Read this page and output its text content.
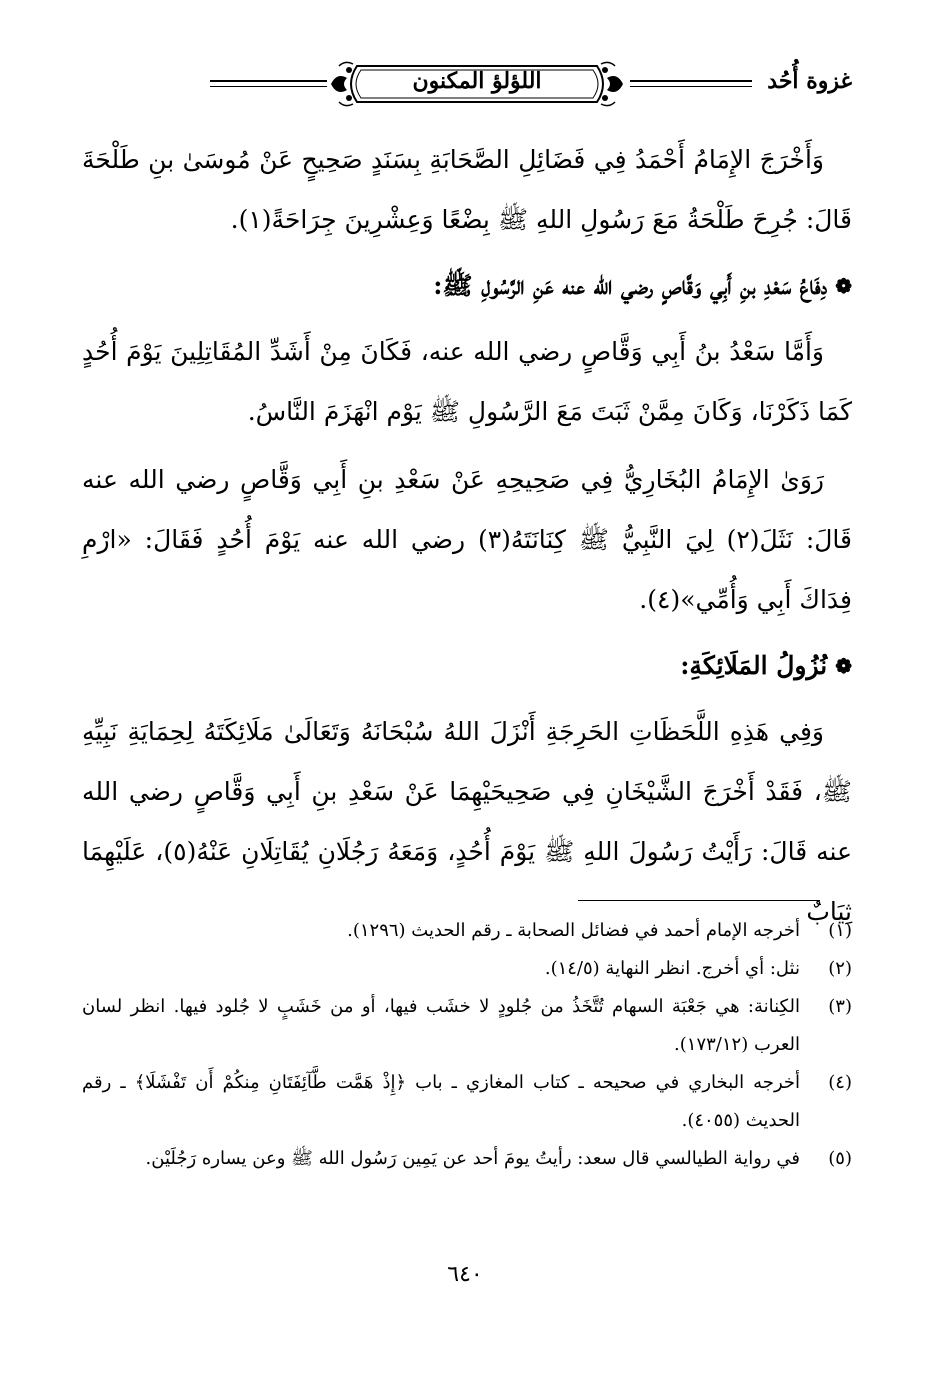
غزوة أُحُد
اللؤلؤ المكنون

وَأَخْرَجَ الإِمَامُ أَحْمَدُ فِي فَضَائِلِ الصَّحَابَةِ بِسَنَدٍ صَحِيحٍ عَنْ مُوسَىٰ بنِ طَلْحَةَ قَالَ: جُرِحَ طَلْحَةُ مَعَ رَسُولِ اللهِ ﷺ بِضْعًا وَعِشْرِينَ جِرَاحَةً(١).

❁
دِفَاعُ سَعْدِ بنِ أَبِي وَقَّاصٍ رضي الله عنه عَنِ الرَّسُولِ ﷺ:

وَأَمَّا سَعْدُ بنُ أَبِي وَقَّاصٍ رضي الله عنه، فَكَانَ مِنْ أَشَدِّ المُقَاتِلِينَ يَوْمَ أُحُدٍ كَمَا ذَكَرْنَا، وَكَانَ مِمَّنْ ثَبَتَ مَعَ الرَّسُولِ ﷺ يَوْم انْهَزَمَ النَّاسُ.

رَوَىٰ الإِمَامُ البُخَارِيُّ فِي صَحِيحِهِ عَنْ سَعْدِ بنِ أَبِي وَقَّاصٍ رضي الله عنه قَالَ: نَثَلَ(٢) لِيَ النَّبِيُّ ﷺ كِنَانَتَهُ(٣) رضي الله عنه يَوْمَ أُحُدٍ فَقَالَ: «ارْمِ فِدَاكَ أَبِي وَأُمِّي»(٤).

❁
نُزُولُ المَلَائِكَةِ:

وَفِي هَذِهِ اللَّحَظَاتِ الحَرِجَةِ أَنْزَلَ اللهُ سُبْحَانَهُ وَتَعَالَىٰ مَلَائِكَتَهُ لِحِمَايَةِ نَبِيِّهِ ﷺ، فَقَدْ أَخْرَجَ الشَّيْخَانِ فِي صَحِيحَيْهِمَا عَنْ سَعْدِ بنِ أَبِي وَقَّاصٍ رضي الله عنه قَالَ: رَأَيْتُ رَسُولَ اللهِ ﷺ يَوْمَ أُحُدٍ، وَمَعَهُ رَجُلَانِ يُقَاتِلَانِ عَنْهُ(٥)، عَلَيْهِمَا ثِيَابٌ

(١)
أخرجه الإمام أحمد في فضائل الصحابة ـ رقم الحديث (١٢٩٦).
(٢)
نثل: أي أخرج. انظر النهاية (١٤/٥).
(٣)
الكِنانة: هي جَعْبَة السهام تُتَّخَذُ من جُلودٍ لا خشَب فيها، أو من خَشَبٍ لا جُلود فيها. انظر لسان العرب (١٧٣/١٢).
(٤)
أخرجه البخاري في صحيحه ـ كتاب المغازي ـ باب ﴿إِذْ هَمَّت طَّآئِفَتَانِ مِنكُمْ أَن تَفْشَلَا﴾ ـ رقم الحديث (٤٠٥٥).
(٥)
في رواية الطيالسي قال سعد: رأيتُ يومَ أحد عن يَمِين رَسُول الله ﷺ وعن يساره رَجُلَيْن.
٦٤٠
